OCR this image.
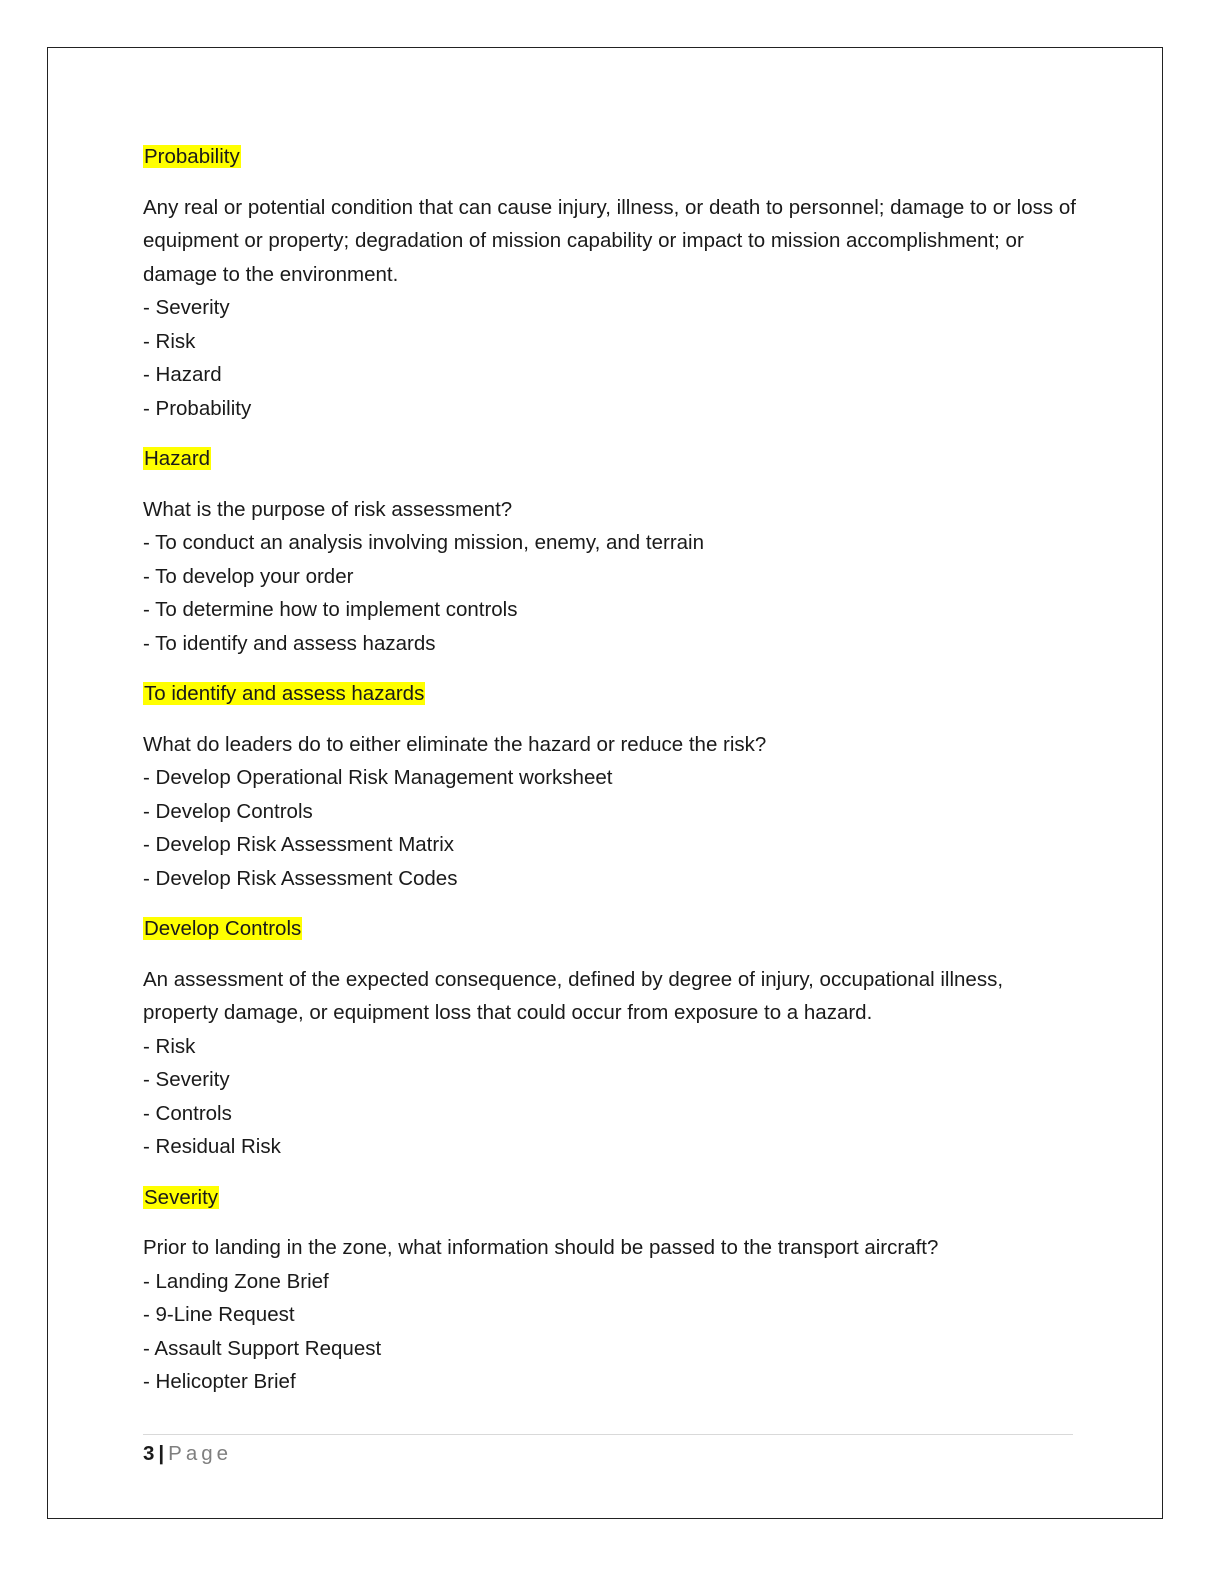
Probability

Any real or potential condition that can cause injury, illness, or death to personnel; damage to or loss of equipment or property; degradation of mission capability or impact to mission accomplishment; or damage to the environment.

- Severity

- Risk

- Hazard

- Probability

Hazard

What is the purpose of risk assessment?

- To conduct an analysis involving mission, enemy, and terrain

- To develop your order

- To determine how to implement controls

- To identify and assess hazards

To identify and assess hazards

What do leaders do to either eliminate the hazard or reduce the risk?

- Develop Operational Risk Management worksheet

- Develop Controls

- Develop Risk Assessment Matrix

- Develop Risk Assessment Codes

Develop Controls

An assessment of the expected consequence, defined by degree of injury, occupational illness, property damage, or equipment loss that could occur from exposure to a hazard.

- Risk

- Severity

- Controls

- Residual Risk

Severity

Prior to landing in the zone, what information should be passed to the transport aircraft?

- Landing Zone Brief

- 9-Line Request

- Assault Support Request

- Helicopter Brief

3 | Page
